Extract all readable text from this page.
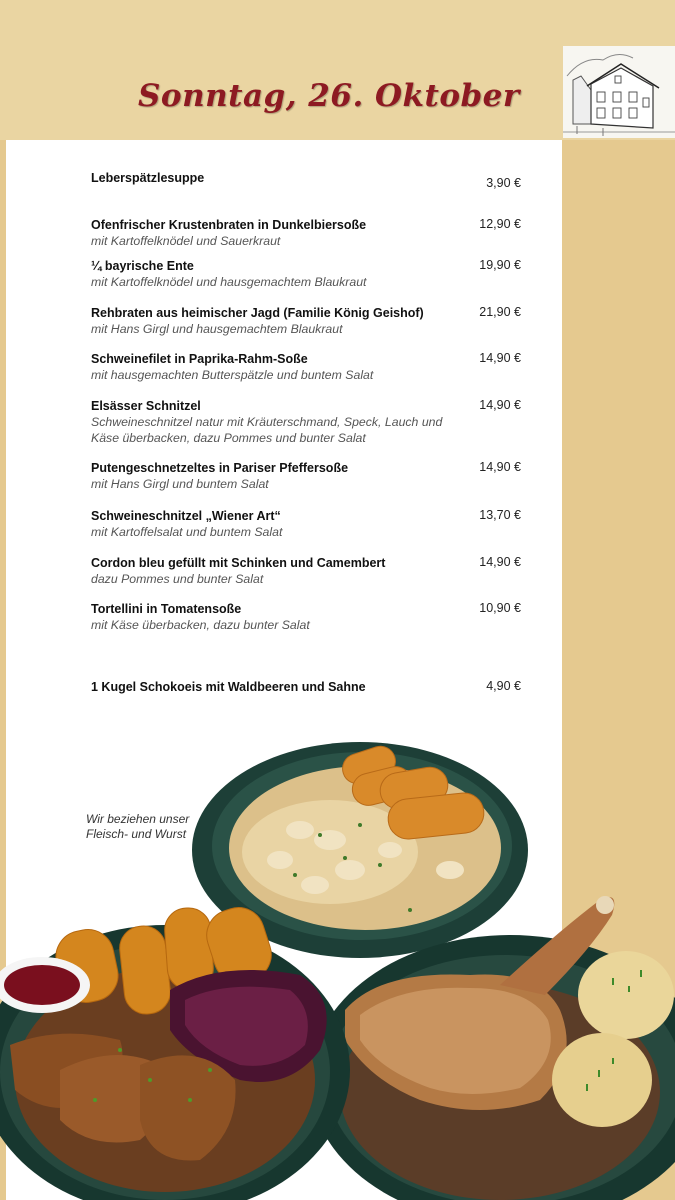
Sonntag, 26. Oktober
Leberspätzlesuppe	3,90 €
Ofenfrischer Krustenbraten in Dunkelbiersoße
mit Kartoffelknödel und Sauerkraut
12,90 €
¼ bayrische Ente
mit Kartoffelknödel und hausgemachtem Blaukraut
19,90 €
Rehbraten aus heimischer Jagd (Familie König Geishof)
mit Hans Girgl und hausgemachtem Blaukraut
21,90 €
Schweinefilet in Paprika-Rahm-Soße
mit hausgemachten Butterspätzle und buntem Salat
14,90 €
Elsässer Schnitzel
Schweineschnitzel natur mit Kräuterschmand, Speck, Lauch und Käse überbacken, dazu Pommes und bunter Salat
14,90 €
Putengeschnetzeltes in Pariser Pfeffersoße
mit Hans Girgl und buntem Salat
14,90 €
Schweineschnitzel „Wiener Art“
mit Kartoffelsalat und buntem Salat
13,70 €
Cordon bleu gefüllt mit Schinken und Camembert
dazu Pommes und bunter Salat
14,90 €
Tortellini in Tomatensoße
mit Käse überbacken, dazu bunter Salat
10,90 €
1 Kugel Schokoeis mit Waldbeeren und Sahne	4,90 €
Wir beziehen unser
Fleisch- und Wurst
